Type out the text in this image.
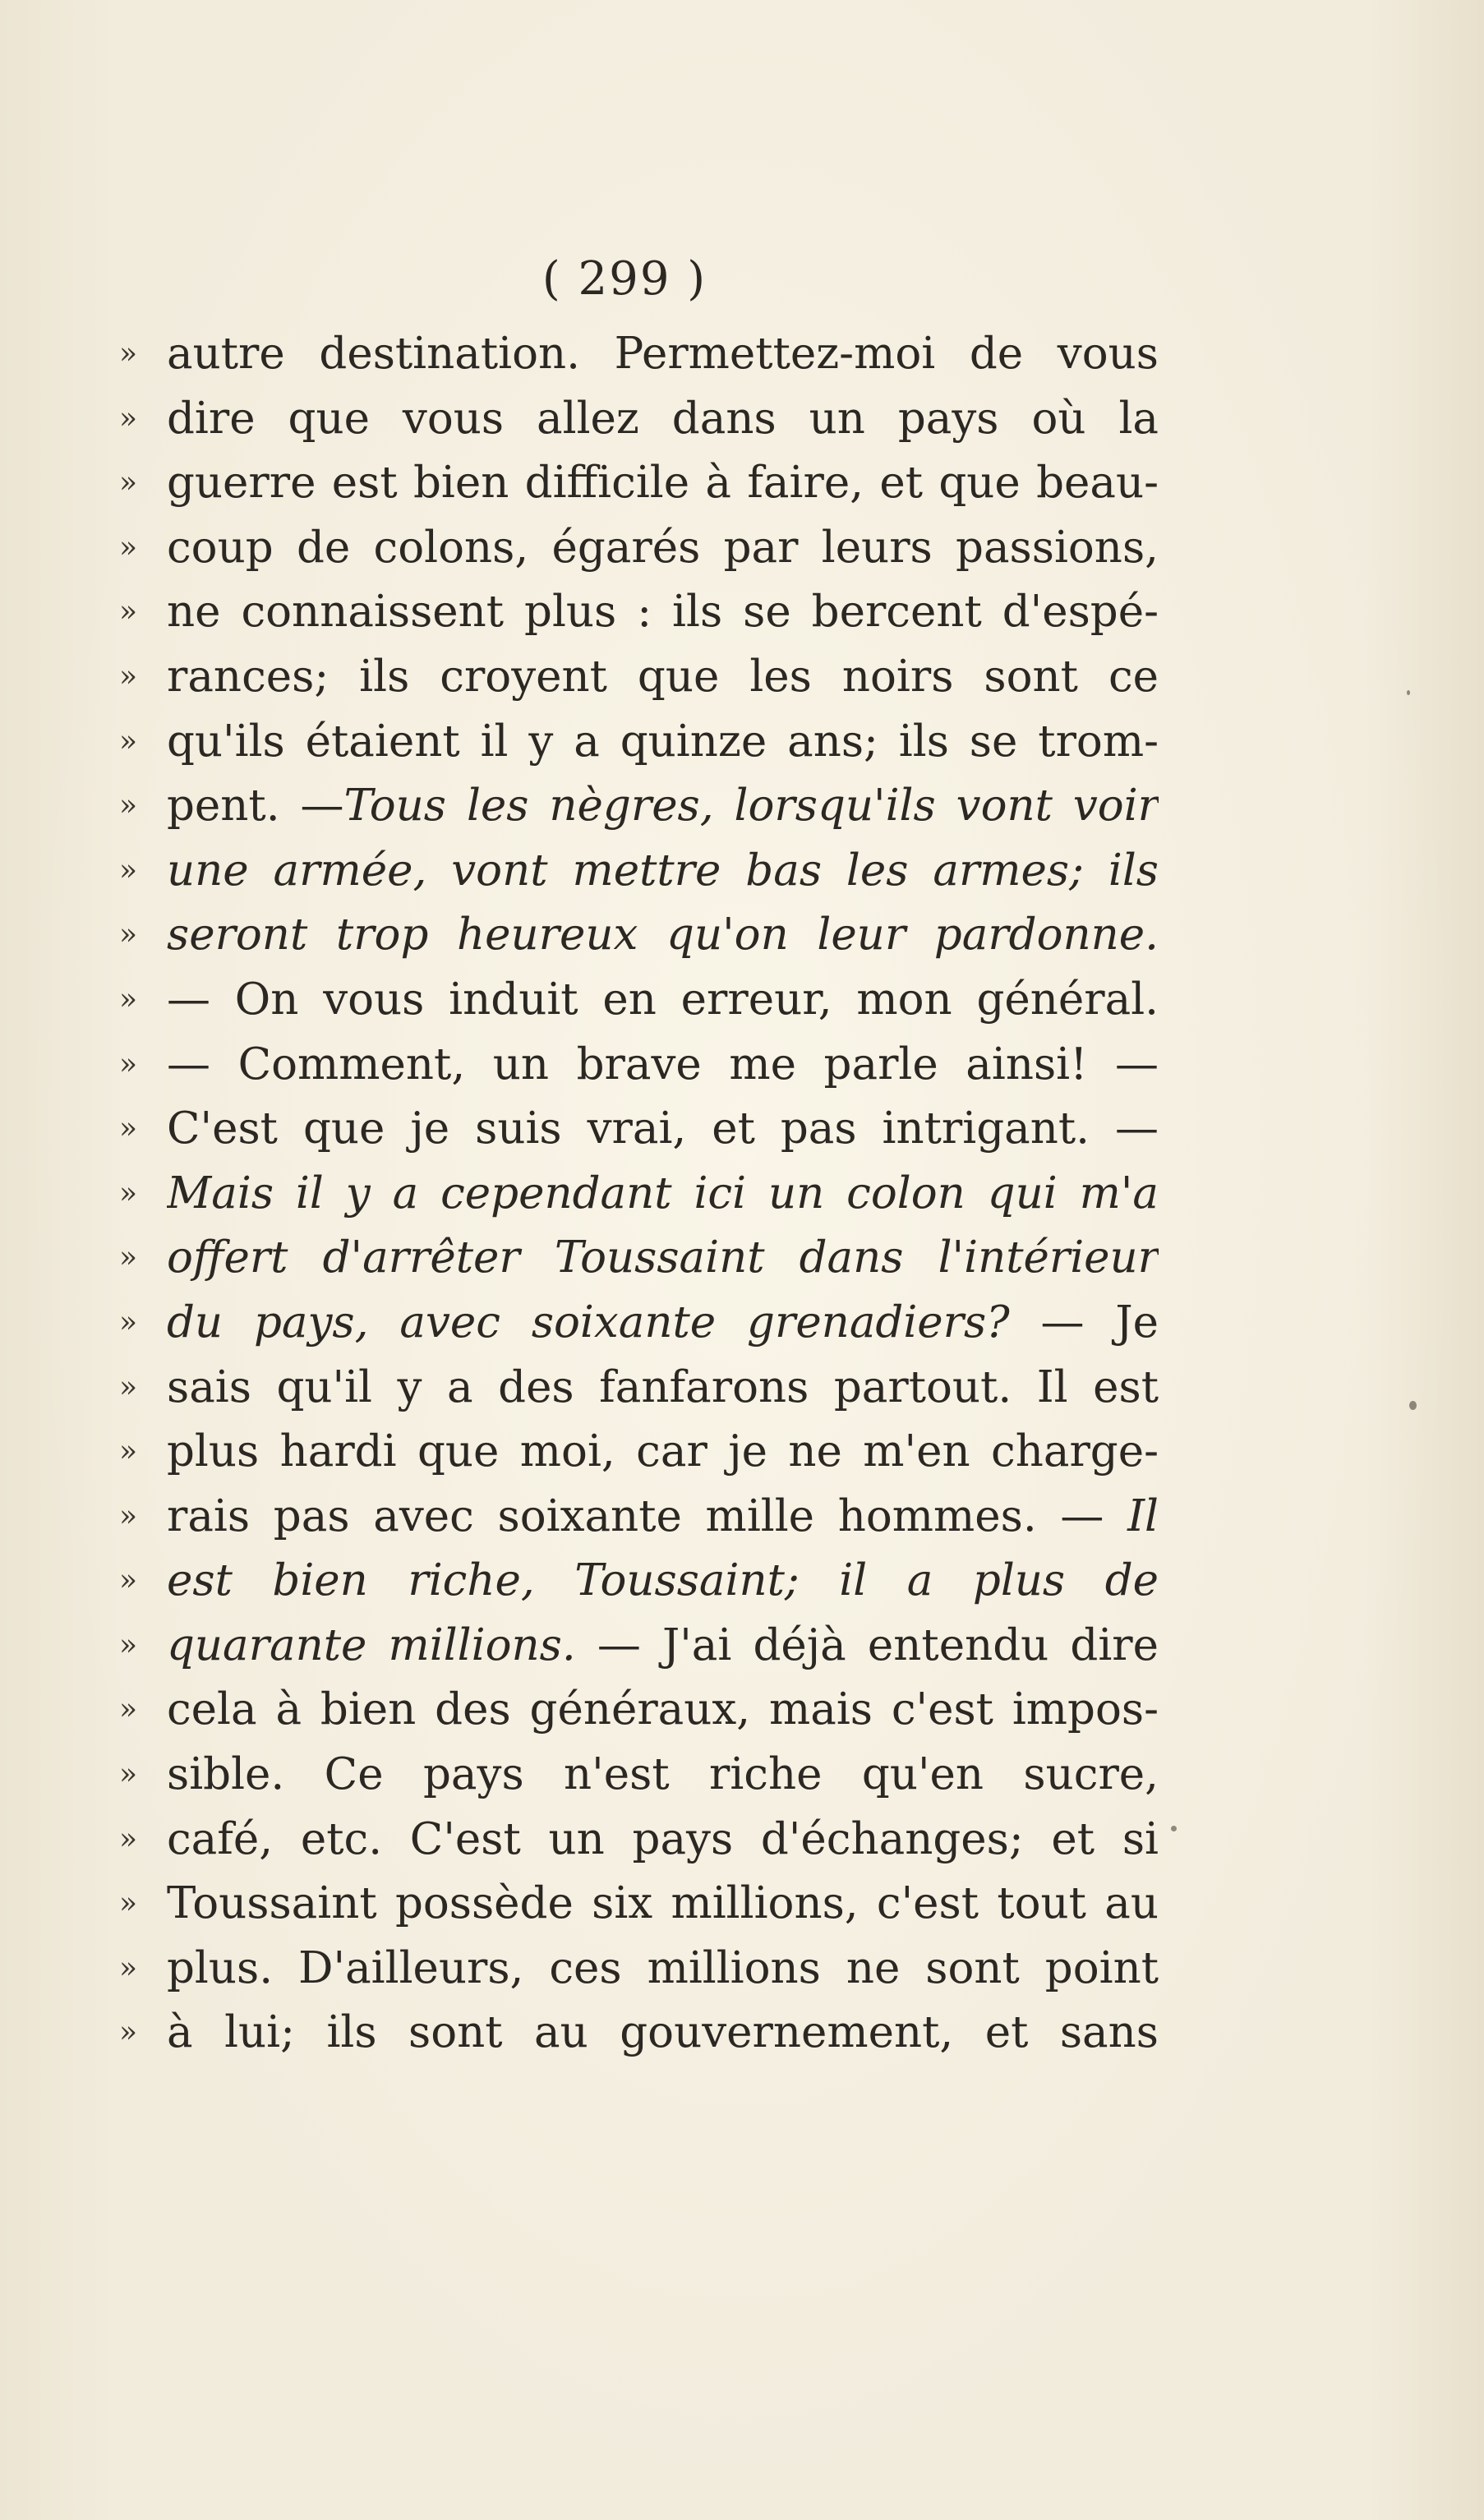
( 299 )
» autre destination. Permettez-moi de vous
» dire que vous allez dans un pays où la
» guerre est bien difficile à faire, et que beau-
» coup de colons, égarés par leurs passions,
» ne connaissent plus : ils se bercent d'espé-
» rances; ils croyent que les noirs sont ce
» qu'ils étaient il y a quinze ans; ils se trom-
» pent. —Tous les nègres, lorsqu'ils vont voir
» une armée, vont mettre bas les armes; ils
» seront trop heureux qu'on leur pardonne.
» — On vous induit en erreur, mon général.
» — Comment, un brave me parle ainsi! —
» C'est que je suis vrai, et pas intrigant. —
» Mais il y a cependant ici un colon qui m'a
» offert d'arrêter Toussaint dans l'intérieur
» du pays, avec soixante grenadiers? — Je
» sais qu'il y a des fanfarons partout. Il est
» plus hardi que moi, car je ne m'en charge-
» rais pas avec soixante mille hommes. — Il
» est bien riche, Toussaint; il a plus de
» quarante millions. — J'ai déjà entendu dire
» cela à bien des généraux, mais c'est impos-
» sible. Ce pays n'est riche qu'en sucre,
» café, etc. C'est un pays d'échanges; et si
» Toussaint possède six millions, c'est tout au
» plus. D'ailleurs, ces millions ne sont point
» à lui; ils sont au gouvernement, et sans
